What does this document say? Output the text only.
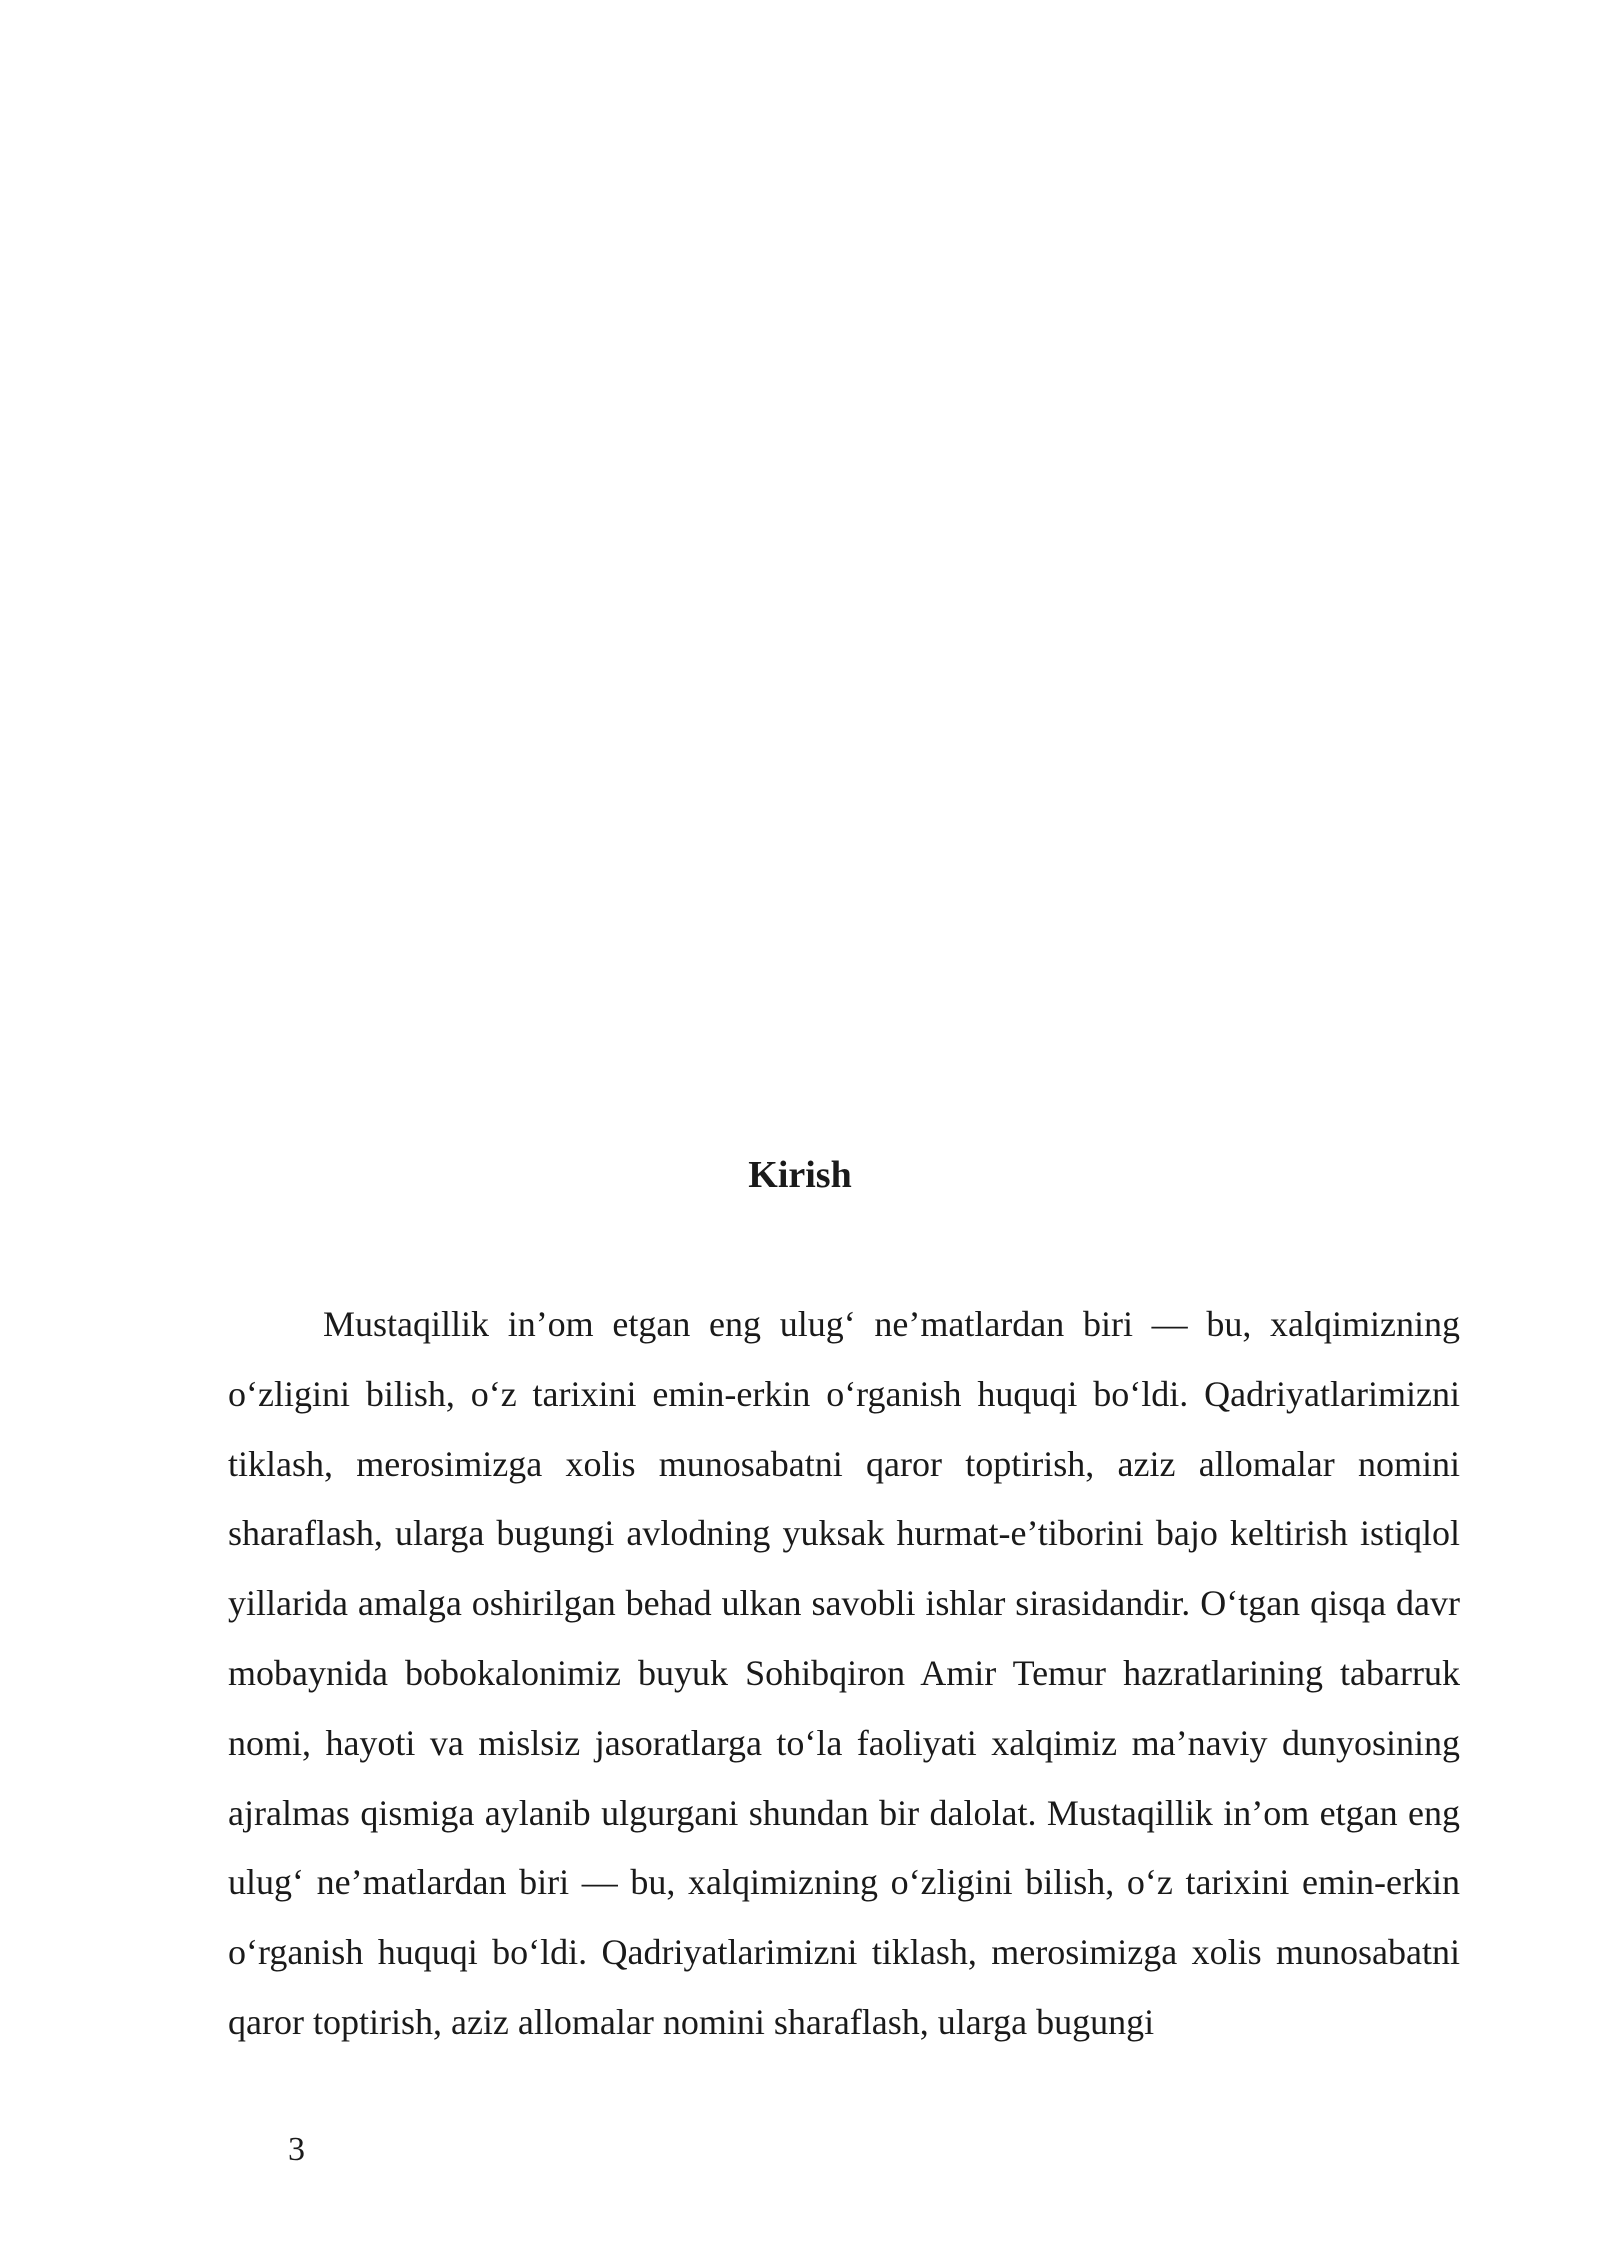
Kirish

Mustaqillik in’om etgan eng ulug‘ ne’matlardan biri — bu, xalqimizning o‘zligini bilish, o‘z tarixini emin-erkin o‘rganish huquqi bo‘ldi. Qadriyatlarimizni tiklash, merosimizga xolis munosabatni qaror toptirish, aziz allomalar nomini sharaflash, ularga bugungi avlodning yuksak hurmat-e’tiborini bajo keltirish istiqlol yillarida amalga oshirilgan behad ulkan savobli ishlar sirasidandir. O‘tgan qisqa davr mobaynida bobokalonimiz buyuk Sohibqiron Amir Temur hazratlarining tabarruk nomi, hayoti va mislsiz jasoratlarga to‘la faoliyati xalqimiz ma’naviy dunyosining ajralmas qismiga aylanib ulgurgani shundan bir dalolat. Mustaqillik in’om etgan eng ulug‘ ne’matlardan biri — bu, xalqimizning o‘zligini bilish, o‘z tarixini emin-erkin o‘rganish huquqi bo‘ldi. Qadriyatlarimizni tiklash, merosimizga xolis munosabatni qaror toptirish, aziz allomalar nomini sharaflash, ularga bugungi

3
